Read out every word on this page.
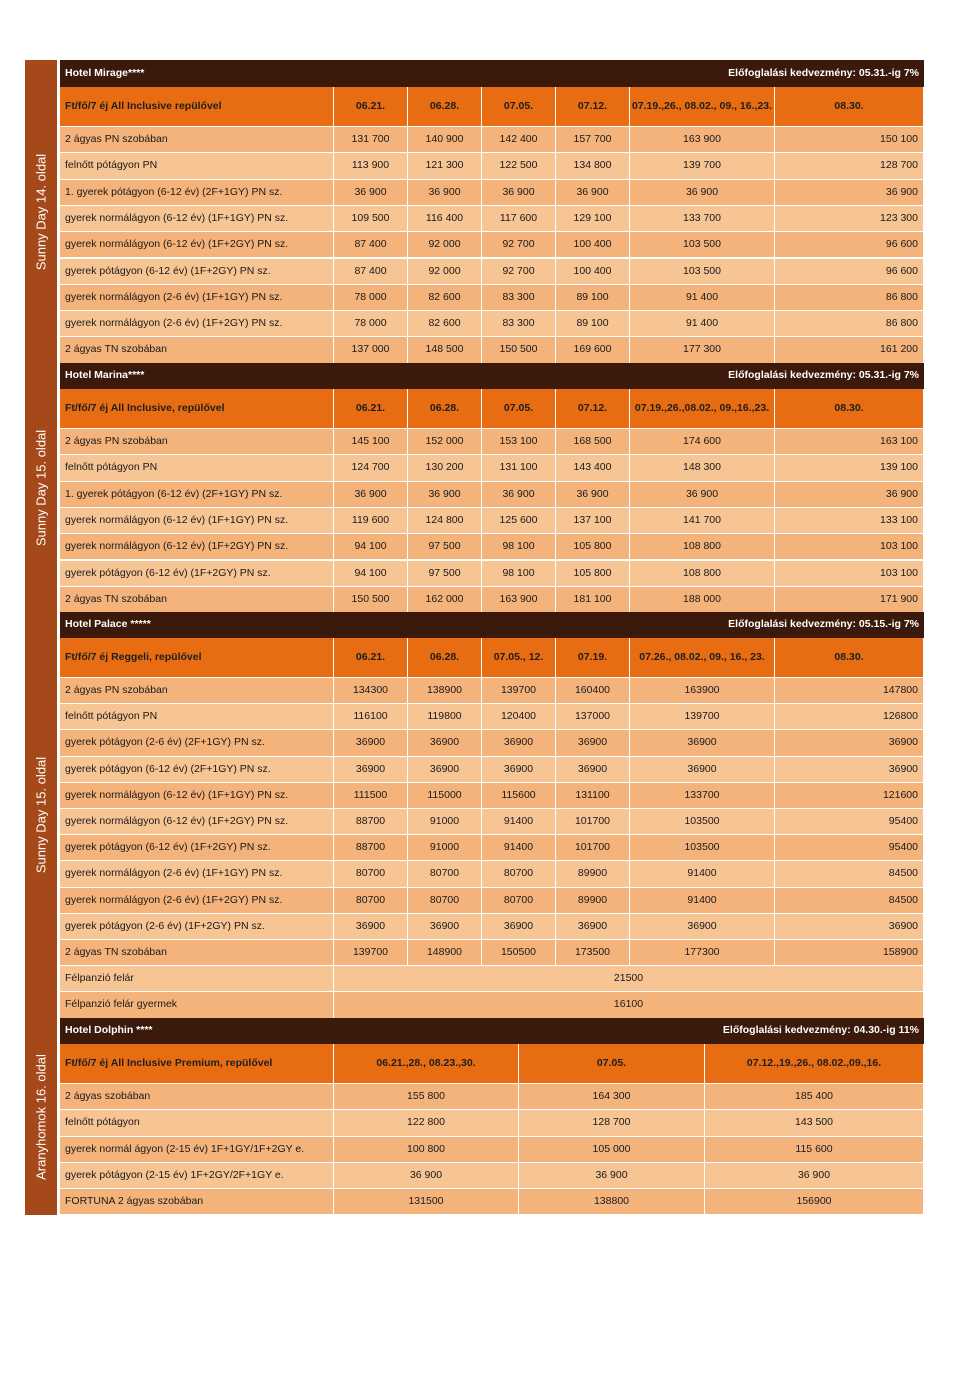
Sunny Day 14. oldal
Sunny Day 15. oldal
Sunny Day 15. oldal
Aranyhomok 16. oldal
Hotel Mirage****	Előfoglalási kedvezmény: 05.31.-ig 7%
Ft/fő/7 éj All Inclusive repülővel	06.21.	06.28.	07.05.	07.12.	07.19.,26., 08.02., 09., 16.,23.	08.30.
2 ágyas PN szobában	131 700	140 900	142 400	157 700	163 900	150 100
felnőtt pótágyon PN	113 900	121 300	122 500	134 800	139 700	128 700
1. gyerek pótágyon (6-12 év) (2F+1GY) PN sz.	36 900	36 900	36 900	36 900	36 900	36 900
gyerek normálágyon (6-12 év) (1F+1GY) PN sz.	109 500	116 400	117 600	129 100	133 700	123 300
gyerek normálágyon (6-12 év) (1F+2GY) PN sz.	87 400	92 000	92 700	100 400	103 500	96 600
gyerek pótágyon (6-12 év) (1F+2GY) PN sz.	87 400	92 000	92 700	100 400	103 500	96 600
gyerek normálágyon (2-6 év) (1F+1GY) PN sz.	78 000	82 600	83 300	89 100	91 400	86 800
gyerek normálágyon (2-6 év) (1F+2GY) PN sz.	78 000	82 600	83 300	89 100	91 400	86 800
2 ágyas TN szobában	137 000	148 500	150 500	169 600	177 300	161 200
Hotel Marina****	Előfoglalási kedvezmény: 05.31.-ig 7%
Ft/fő/7 éj All Inclusive, repülővel	06.21.	06.28.	07.05.	07.12.	07.19.,26.,08.02., 09.,16.,23.	08.30.
2 ágyas PN szobában	145 100	152 000	153 100	168 500	174 600	163 100
felnőtt pótágyon PN	124 700	130 200	131 100	143 400	148 300	139 100
1. gyerek pótágyon (6-12 év) (2F+1GY) PN sz.	36 900	36 900	36 900	36 900	36 900	36 900
gyerek normálágyon (6-12 év) (1F+1GY) PN sz.	119 600	124 800	125 600	137 100	141 700	133 100
gyerek normálágyon (6-12 év) (1F+2GY) PN sz.	94 100	97 500	98 100	105 800	108 800	103 100
gyerek pótágyon (6-12 év) (1F+2GY) PN sz.	94 100	97 500	98 100	105 800	108 800	103 100
2 ágyas TN szobában	150 500	162 000	163 900	181 100	188 000	171 900
Hotel Palace *****	Előfoglalási kedvezmény: 05.15.-ig 7%
Ft/fő/7 éj Reggeli, repülővel	06.21.	06.28.	07.05., 12.	07.19.	07.26., 08.02., 09., 16., 23.	08.30.
2 ágyas PN szobában	134300	138900	139700	160400	163900	147800
felnőtt pótágyon PN	116100	119800	120400	137000	139700	126800
gyerek pótágyon (2-6 év) (2F+1GY) PN sz.	36900	36900	36900	36900	36900	36900
gyerek pótágyon (6-12 év) (2F+1GY) PN sz.	36900	36900	36900	36900	36900	36900
gyerek normálágyon (6-12 év) (1F+1GY) PN sz.	111500	115000	115600	131100	133700	121600
gyerek normálágyon (6-12 év) (1F+2GY) PN sz.	88700	91000	91400	101700	103500	95400
gyerek pótágyon (6-12 év) (1F+2GY) PN sz.	88700	91000	91400	101700	103500	95400
gyerek normálágyon (2-6 év) (1F+1GY) PN sz.	80700	80700	80700	89900	91400	84500
gyerek normálágyon (2-6 év) (1F+2GY) PN sz.	80700	80700	80700	89900	91400	84500
gyerek pótágyon (2-6 év) (1F+2GY) PN sz.	36900	36900	36900	36900	36900	36900
2 ágyas TN szobában	139700	148900	150500	173500	177300	158900
Félpanzió felár	21500
Félpanzió felár gyermek	16100
Hotel Dolphin ****	Előfoglalási kedvezmény: 04.30.-ig 11%
Ft/fő/7 éj All Inclusive Premium, repülővel	06.21.,28., 08.23.,30.	07.05.	07.12.,19.,26., 08.02.,09.,16.
2 ágyas szobában	155 800	164 300	185 400
felnőtt pótágyon	122 800	128 700	143 500
gyerek normál ágyon (2-15 év) 1F+1GY/1F+2GY e.	100 800	105 000	115 600
gyerek pótágyon (2-15 év) 1F+2GY/2F+1GY e.	36 900	36 900	36 900
FORTUNA 2 ágyas szobában	131500	138800	156900
